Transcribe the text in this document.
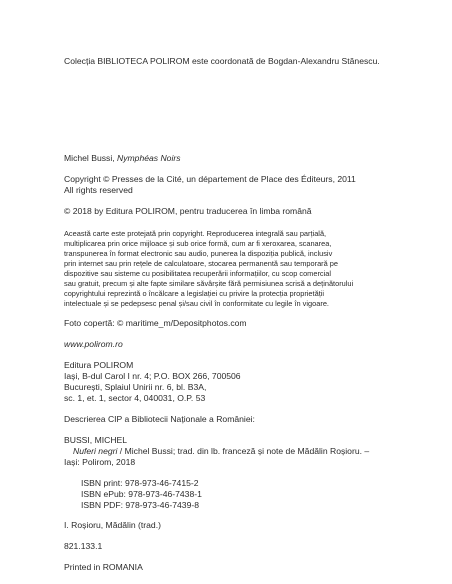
Colecția BIBLIOTECA POLIROM este coordonată de Bogdan-Alexandru Stănescu.
Michel Bussi, Nymphéas Noirs
Copyright © Presses de la Cité, un département de Place des Éditeurs, 2011
All rights reserved
© 2018 by Editura POLIROM, pentru traducerea în limba română
Această carte este protejată prin copyright. Reproducerea integrală sau parțială,
multiplicarea prin orice mijloace și sub orice formă, cum ar fi xeroxarea, scanarea,
transpunerea în format electronic sau audio, punerea la dispoziția publică, inclusiv
prin internet sau prin rețele de calculatoare, stocarea permanentă sau temporară pe
dispozitive sau sisteme cu posibilitatea recuperării informațiilor, cu scop comercial
sau gratuit, precum și alte fapte similare săvârșite fără permisiunea scrisă a deținătorului
copyrightului reprezintă o încălcare a legislației cu privire la protecția proprietății
intelectuale și se pedepsesc penal și/sau civil în conformitate cu legile în vigoare.
Foto copertă: © maritime_m/Depositphotos.com
www.polirom.ro
Editura POLIROM
Iași, B-dul Carol I nr. 4; P.O. BOX 266, 700506
București, Splaiul Unirii nr. 6, bl. B3A,
sc. 1, et. 1, sector 4, 040031, O.P. 53
Descrierea CIP a Bibliotecii Naționale a României:
BUSSI, MICHEL
Nuferi negri / Michel Bussi; trad. din lb. franceză și note de Mădălin Roșioru. –
Iași: Polirom, 2018
ISBN print: 978-973-46-7415-2
ISBN ePub: 978-973-46-7438-1
ISBN PDF: 978-973-46-7439-8
I. Roșioru, Mădălin (trad.)
821.133.1
Printed in ROMANIA
